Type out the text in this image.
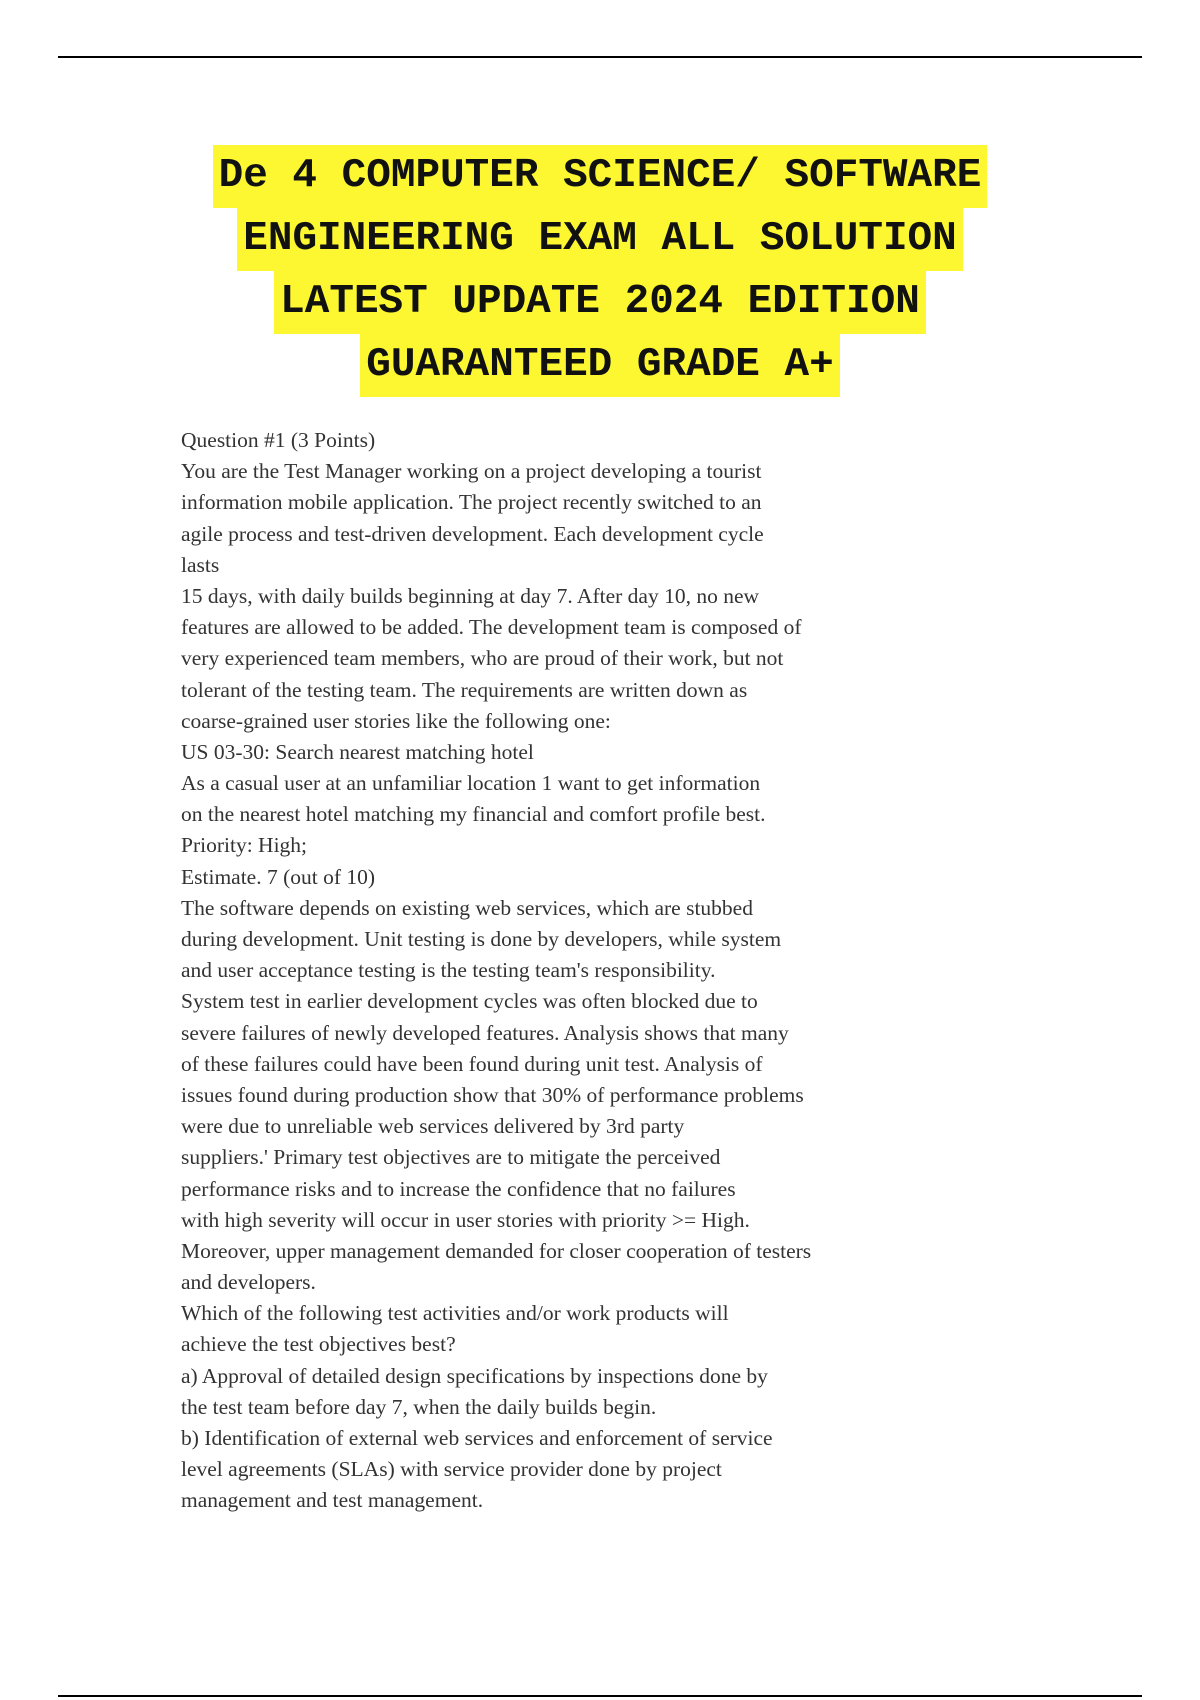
De 4 COMPUTER SCIENCE/ SOFTWARE
ENGINEERING EXAM ALL SOLUTION
LATEST UPDATE 2024 EDITION
GUARANTEED GRADE A+
Question #1 (3 Points)
You are the Test Manager working on a project developing a tourist
information mobile application. The project recently switched to an
agile process and test-driven development. Each development cycle
lasts
15 days, with daily builds beginning at day 7. After day 10, no new
features are allowed to be added. The development team is composed of
very experienced team members, who are proud of their work, but not
tolerant of the testing team. The requirements are written down as
coarse-grained user stories like the following one:
US 03-30: Search nearest matching hotel
As a casual user at an unfamiliar location 1 want to get information
on the nearest hotel matching my financial and comfort profile best.
Priority: High;
Estimate. 7 (out of 10)
The software depends on existing web services, which are stubbed
during development. Unit testing is done by developers, while system
and user acceptance testing is the testing team's responsibility.
System test in earlier development cycles was often blocked due to
severe failures of newly developed features. Analysis shows that many
of these failures could have been found during unit test. Analysis of
issues found during production show that 30% of performance problems
were due to unreliable web services delivered by 3rd party
suppliers.' Primary test objectives are to mitigate the perceived
performance risks and to increase the confidence that no failures
with high severity will occur in user stories with priority >= High.
Moreover, upper management demanded for closer cooperation of testers
and developers.
Which of the following test activities and/or work products will
achieve the test objectives best?
a) Approval of detailed design specifications by inspections done by
the test team before day 7, when the daily builds begin.
b) Identification of external web services and enforcement of service
level agreements (SLAs) with service provider done by project
management and test management.
